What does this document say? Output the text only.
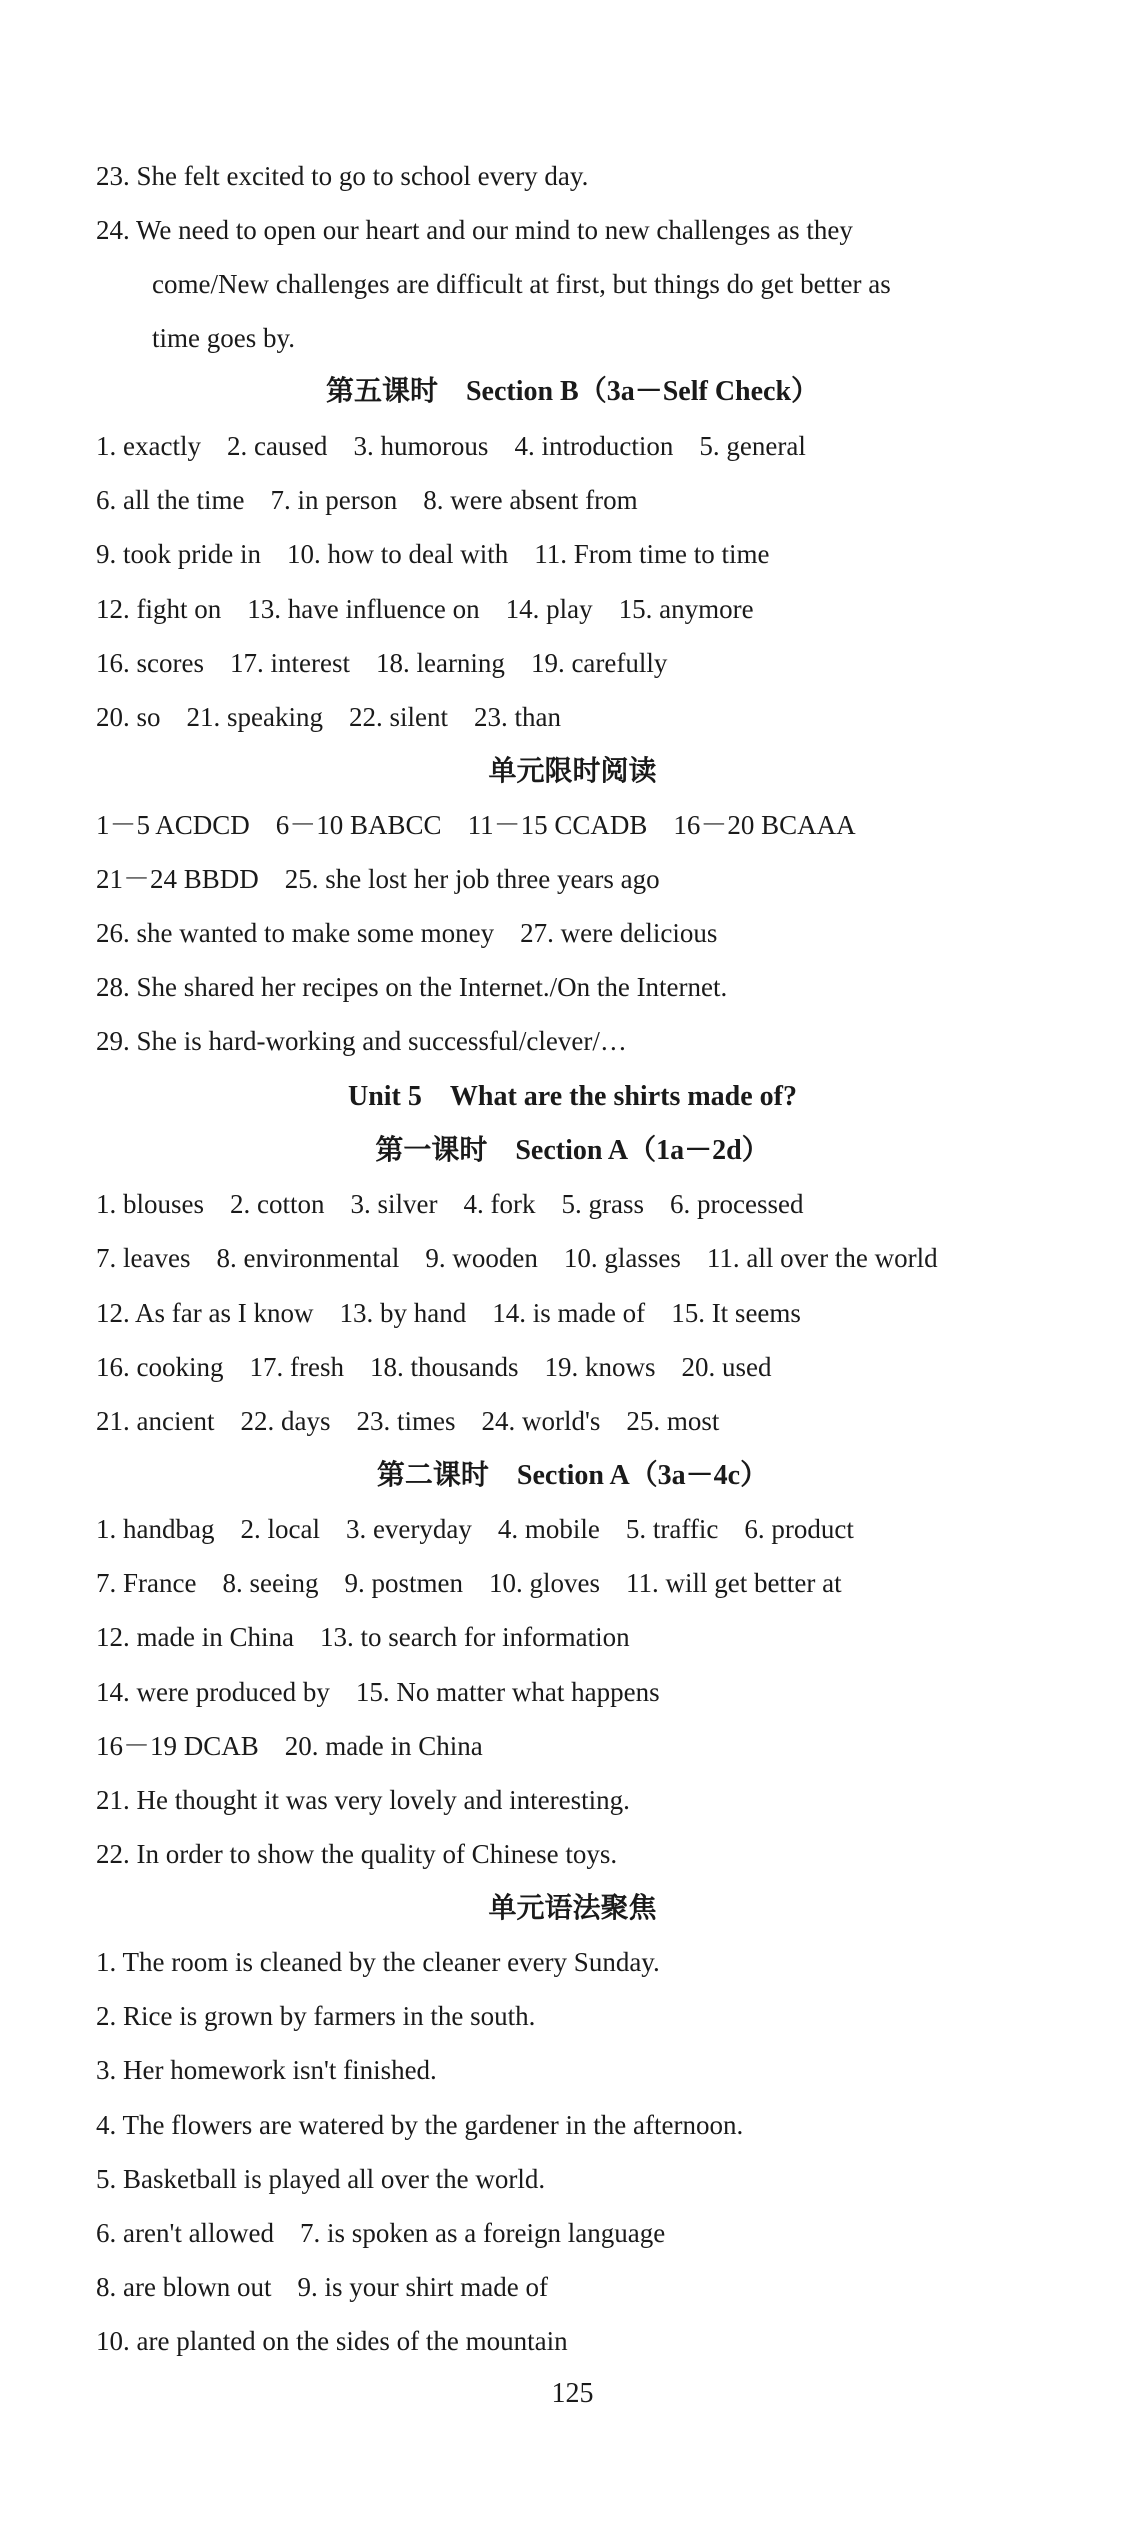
23. She felt excited to go to school every day.
24. We need to open our heart and our mind to new challenges as they
come/New challenges are difficult at first, but things do get better as
time goes by.
第五课时　Section B（3a－Self Check）
1. exactly 2. caused 3. humorous 4. introduction 5. general
6. all the time 7. in person 8. were absent from
9. took pride in 10. how to deal with 11. From time to time
12. fight on 13. have influence on 14. play 15. anymore
16. scores 17. interest 18. learning 19. carefully
20. so 21. speaking 22. silent 23. than
单元限时阅读
1－5 ACDCD 6－10 BABCC 11－15 CCADB 16－20 BCAAA
21－24 BBDD 25. she lost her job three years ago
26. she wanted to make some money 27. were delicious
28. She shared her recipes on the Internet./On the Internet.
29. She is hard-working and successful/clever/…
Unit 5　What are the shirts made of?
第一课时　Section A（1a－2d）
1. blouses 2. cotton 3. silver 4. fork 5. grass 6. processed
7. leaves 8. environmental 9. wooden 10. glasses 11. all over the world
12. As far as I know 13. by hand 14. is made of 15. It seems
16. cooking 17. fresh 18. thousands 19. knows 20. used
21. ancient 22. days 23. times 24. world's 25. most
第二课时　Section A（3a－4c）
1. handbag 2. local 3. everyday 4. mobile 5. traffic 6. product
7. France 8. seeing 9. postmen 10. gloves 11. will get better at
12. made in China 13. to search for information
14. were produced by 15. No matter what happens
16－19 DCAB 20. made in China
21. He thought it was very lovely and interesting.
22. In order to show the quality of Chinese toys.
单元语法聚焦
1. The room is cleaned by the cleaner every Sunday.
2. Rice is grown by farmers in the south.
3. Her homework isn't finished.
4. The flowers are watered by the gardener in the afternoon.
5. Basketball is played all over the world.
6. aren't allowed 7. is spoken as a foreign language
8. are blown out 9. is your shirt made of
10. are planted on the sides of the mountain
125
